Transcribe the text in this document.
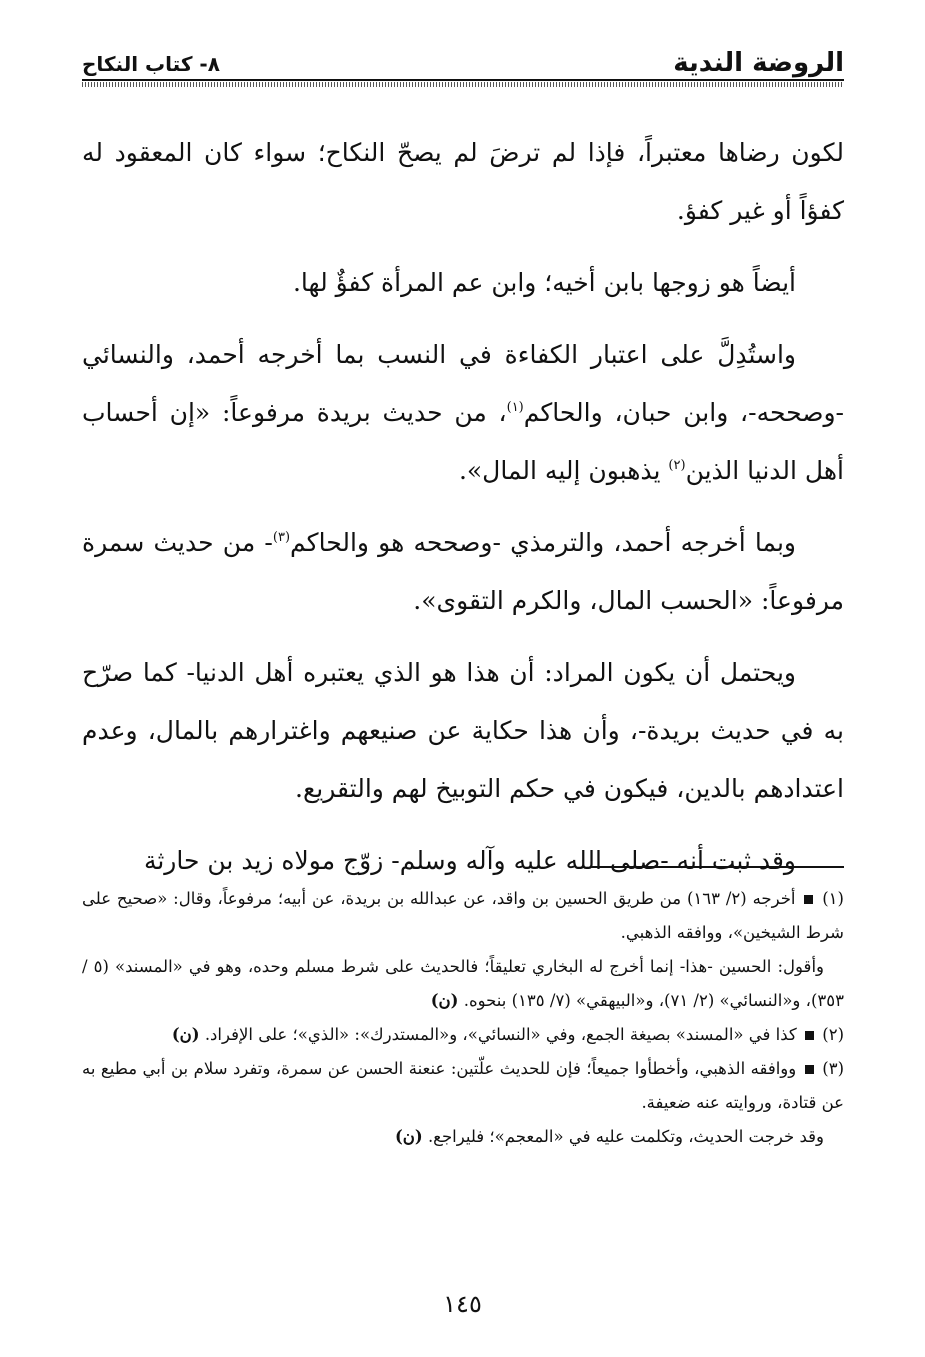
الروضة الندية
٨- كتاب النكاح

لكون رضاها معتبراً، فإذا لم ترضَ لم يصحّ النكاح؛ سواء كان المعقود له كفؤاً أو غير كفؤ.

أيضاً هو زوجها بابن أخيه؛ وابن عم المرأة كفؤٌ لها.

واستُدِلَّ على اعتبار الكفاءة في النسب بما أخرجه أحمد، والنسائي -وصححه-، وابن حبان، والحاكم$^{(١)}$، من حديث بريدة مرفوعاً: «إن أحساب أهل الدنيا الذين$^{(٢)}$ يذهبون إليه المال».

وبما أخرجه أحمد، والترمذي -وصححه هو والحاكم$^{(٣)}$- من حديث سمرة مرفوعاً: «الحسب المال، والكرم التقوى».

ويحتمل أن يكون المراد: أن هذا هو الذي يعتبره أهل الدنيا- كما صرّح به في حديث بريدة-، وأن هذا حكاية عن صنيعهم واغترارهم بالمال، وعدم اعتدادهم بالدين، فيكون في حكم التوبيخ لهم والتقريع.

وقد ثبت أنه -صلى الله عليه وآله وسلم- زوّج مولاه زيد بن حارثة

(١)  أخرجه (٢/ ١٦٣) من طريق الحسين بن واقد، عن عبدالله بن بريدة، عن أبيه؛ مرفوعاً، وقال: «صحيح على شرط الشيخين»، ووافقه الذهبي.

وأقول: الحسين -هذا- إنما أخرج له البخاري تعليقاً؛ فالحديث على شرط مسلم وحده، وهو في «المسند» (٥ / ٣٥٣)، و«النسائي» (٢/ ٧١)، و«البيهقي» (٧/ ١٣٥) بنحوه. (ن)

(٢)  كذا في «المسند» بصيغة الجمع، وفي «النسائي»، و«المستدرك»: «الذي»؛ على الإفراد. (ن)

(٣)  ووافقه الذهبي، وأخطأوا جميعاً؛ فإن للحديث علّتين: عنعنة الحسن عن سمرة، وتفرد سلام بن أبي مطيع به عن قتادة، وروايته عنه ضعيفة.

وقد خرجت الحديث، وتكلمت عليه في «المعجم»؛ فليراجع. (ن)

١٤٥
